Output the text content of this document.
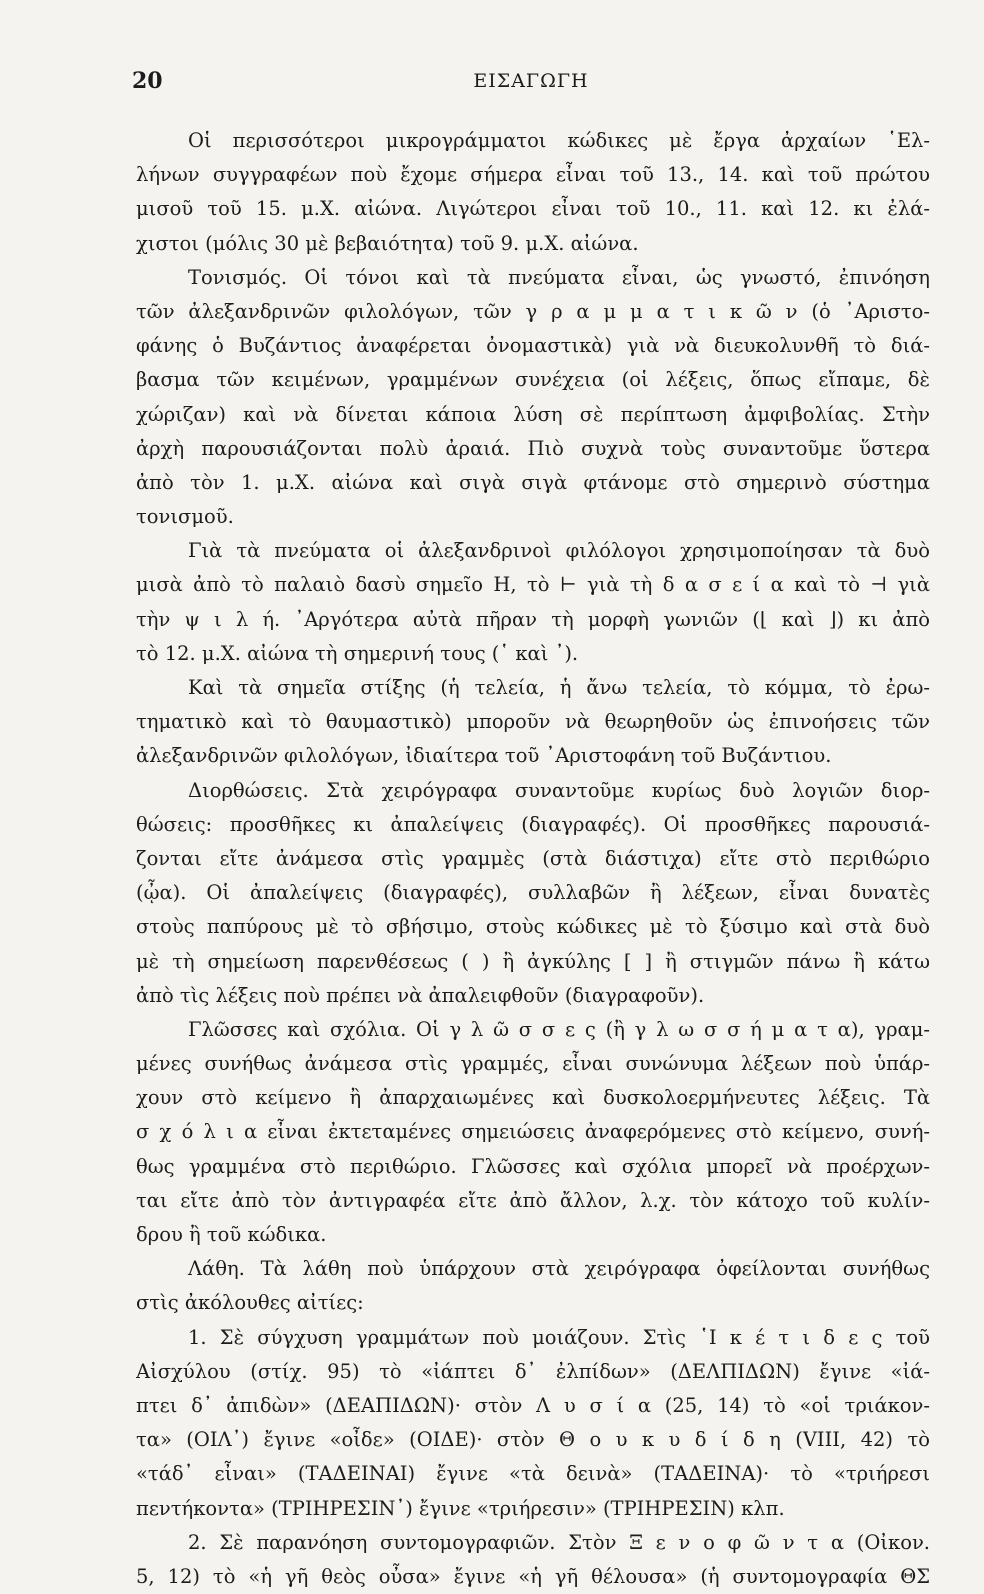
20	ΕΙΣΑΓΩΓΗ
Οἱ περισσότεροι μικρογράμματοι κώδικες μὲ ἔργα ἀρχαίων ῾Ελ-
λήνων συγγραφέων ποὺ ἔχομε σήμερα εἶναι τοῦ 13., 14. καὶ τοῦ πρώτου
μισοῦ τοῦ 15. μ.Χ. αἰώνα. Λιγώτεροι εἶναι τοῦ 10., 11. καὶ 12. κι ἐλά-
χιστοι (μόλις 30 μὲ βεβαιότητα) τοῦ 9. μ.Χ. αἰώνα.
Τονισμός. Οἱ τόνοι καὶ τὰ πνεύματα εἶναι, ὡς γνωστό, ἐπινόηση
τῶν ἀλεξανδρινῶν φιλολόγων, τῶν γ ρ α μ μ α τ ι κ ῶ ν (ὁ ᾿Αριστο-
φάνης ὁ Βυζάντιος ἀναφέρεται ὀνομαστικὰ) γιὰ νὰ διευκολυνθῆ τὸ διά-
βασμα τῶν κειμένων, γραμμένων συνέχεια (οἱ λέξεις, ὅπως εἴπαμε, δὲ
χώριζαν) καὶ νὰ δίνεται κάποια λύση σὲ περίπτωση ἀμφιβολίας. Στὴν
ἀρχὴ παρουσιάζονται πολὺ ἀραιά. Πιὸ συχνὰ τοὺς συναντοῦμε ὕστερα
ἀπὸ τὸν 1. μ.Χ. αἰώνα καὶ σιγὰ σιγὰ φτάνομε στὸ σημερινὸ σύστημα
τονισμοῦ.
Γιὰ τὰ πνεύματα οἱ ἀλεξανδρινοὶ φιλόλογοι χρησιμοποίησαν τὰ δυὸ
μισὰ ἀπὸ τὸ παλαιὸ δασὺ σημεῖο Η, τὸ ⊢ γιὰ τὴ δ α σ ε ί α καὶ τὸ ⊣ γιὰ
τὴν ψ ι λ ή. ᾿Αργότερα αὐτὰ πῆραν τὴ μορφὴ γωνιῶν (⌊ καὶ ⌋) κι ἀπὸ
τὸ 12. μ.Χ. αἰώνα τὴ σημερινή τους (῾ καὶ ᾿).
Καὶ τὰ σημεῖα στίξης (ἡ τελεία, ἡ ἄνω τελεία, τὸ κόμμα, τὸ ἐρω-
τηματικὸ καὶ τὸ θαυμαστικὸ) μποροῦν νὰ θεωρηθοῦν ὡς ἐπινοήσεις τῶν
ἀλεξανδρινῶν φιλολόγων, ἰδιαίτερα τοῦ ᾿Αριστοφάνη τοῦ Βυζάντιου.
Διορθώσεις. Στὰ χειρόγραφα συναντοῦμε κυρίως δυὸ λογιῶν διορ-
θώσεις: προσθῆκες κι ἀπαλείψεις (διαγραφές). Οἱ προσθῆκες παρουσιά-
ζονται εἴτε ἀνάμεσα στὶς γραμμὲς (στὰ διάστιχα) εἴτε στὸ περιθώριο
(ᾦα). Οἱ ἀπαλείψεις (διαγραφές), συλλαβῶν ἢ λέξεων, εἶναι δυνατὲς
στοὺς παπύρους μὲ τὸ σβήσιμο, στοὺς κώδικες μὲ τὸ ξύσιμο καὶ στὰ δυὸ
μὲ τὴ σημείωση παρενθέσεως ( ) ἢ ἀγκύλης [ ] ἢ στιγμῶν πάνω ἢ κάτω
ἀπὸ τὶς λέξεις ποὺ πρέπει νὰ ἀπαλειφθοῦν (διαγραφοῦν).
Γλῶσσες καὶ σχόλια. Οἱ γ λ ῶ σ σ ε ς (ἢ γ λ ω σ σ ή μ α τ α), γραμ-
μένες συνήθως ἀνάμεσα στὶς γραμμές, εἶναι συνώνυμα λέξεων ποὺ ὑπάρ-
χουν στὸ κείμενο ἢ ἀπαρχαιωμένες καὶ δυσκολοερμήνευτες λέξεις. Τὰ
σ χ ό λ ι α εἶναι ἐκτεταμένες σημειώσεις ἀναφερόμενες στὸ κείμενο, συνή-
θως γραμμένα στὸ περιθώριο. Γλῶσσες καὶ σχόλια μπορεῖ νὰ προέρχων-
ται εἴτε ἀπὸ τὸν ἀντιγραφέα εἴτε ἀπὸ ἄλλον, λ.χ. τὸν κάτοχο τοῦ κυλίν-
δρου ἢ τοῦ κώδικα.
Λάθη. Τὰ λάθη ποὺ ὑπάρχουν στὰ χειρόγραφα ὀφείλονται συνήθως
στὶς ἀκόλουθες αἰτίες:
1. Σὲ σύγχυση γραμμάτων ποὺ μοιάζουν. Στὶς ῾Ι κ έ τ ι δ ε ς τοῦ
Αἰσχύλου (στίχ. 95) τὸ «ἰάπτει δ᾿ ἐλπίδων» (ΔΕΛΠΙΔΩΝ) ἔγινε «ἰά-
πτει δ᾿ ἀπιδὼν» (ΔΕΑΠΙΔΩΝ)· στὸν Λ υ σ ί α (25, 14) τὸ «οἱ τριάκον-
τα» (ΟΙΛ᾿) ἔγινε «οἶδε» (ΟΙΔΕ)· στὸν Θ ο υ κ υ δ ί δ η (VIII, 42) τὸ
«τάδ᾿ εἶναι» (ΤΑΔΕΙΝΑΙ) ἔγινε «τὰ δεινὰ» (ΤΑΔΕΙΝΑ)· τὸ «τριήρεσι
πεντήκοντα» (ΤΡΙΗΡΕΣΙΝ᾿) ἔγινε «τριήρεσιν» (ΤΡΙΗΡΕΣΙΝ) κλπ.
2. Σὲ παρανόηση συντομογραφιῶν. Στὸν Ξ ε ν ο φ ῶ ν τ α (Οἰκον.
5, 12) τὸ «ἡ γῆ θεὸς οὖσα» ἔγινε «ἡ γῆ θέλουσα» (ἡ συντομογραφία ΘΣ
